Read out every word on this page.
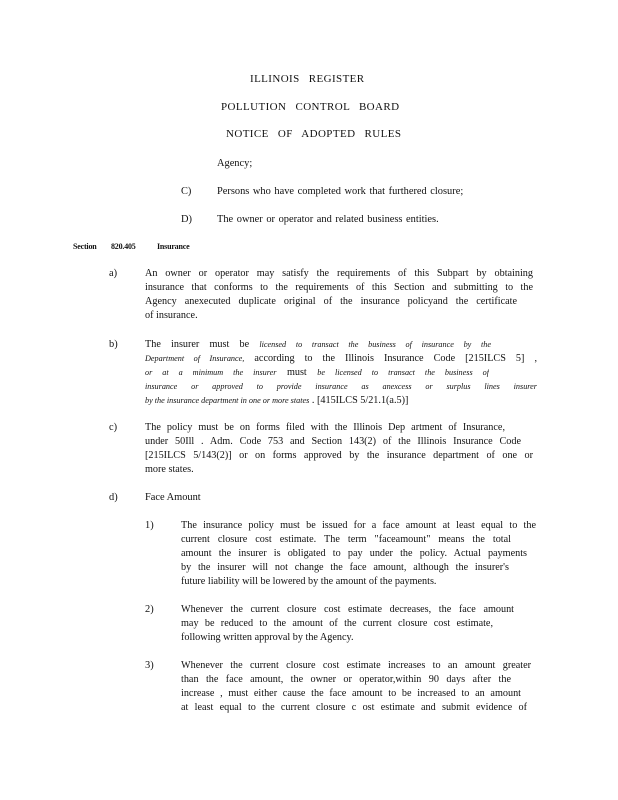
ILLINOIS REGISTER
POLLUTION CONTROL BOARD
NOTICE OF ADOPTED RULES
Agency;
C) Persons who have completed work that furthered closure;
D) The owner or operator and related business entities.
Section 820.405	Insurance
a)	An owner or operator may satisfy the requirements of this Subpart by obtaining
insurance that conforms to the requirements of this Section and submitting to the
Agency anexecuted duplicate original of the insurance policyand the certificate
of insurance.
b)	The insurer must be licensed to transact the business of insurance by the
Department of Insurance, according to the Illinois Insurance Code [215ILCS 5] ,
or at a minimum the insurer must be licensed to transact the business of
insurance or approved to provide insurance as anexcess or surplus lines insurer
by the insurance department in one or more states . [415ILCS 5/21.1(a.5)]
c)	The policy must be on forms filed with the Illinois Dep artment of Insurance,
under 50Ill . Adm. Code 753 and Section 143(2) of the Illinois Insurance Code
[215ILCS 5/143(2)] or on forms approved by the insurance department of one or
more states.
d)	Face Amount
1)	The insurance policy must be issued for a face amount at least equal to the
current closure cost estimate. The term "faceamount" means the total
amount the insurer is obligated to pay under the policy. Actual payments
by the insurer will not change the face amount, although the insurer's
future liability will be lowered by the amount of the payments.
2)	Whenever the current closure cost estimate decreases, the face amount
may be reduced to the amount of the current closure cost estimate,
following written approval by the Agency.
3)	Whenever the current closure cost estimate increases to an amount greater
than the face amount, the owner or operator,within 90 days after the
increase , must either cause the face amount to be increased to an amount
at least equal to the current closure c ost estimate and submit evidence of
